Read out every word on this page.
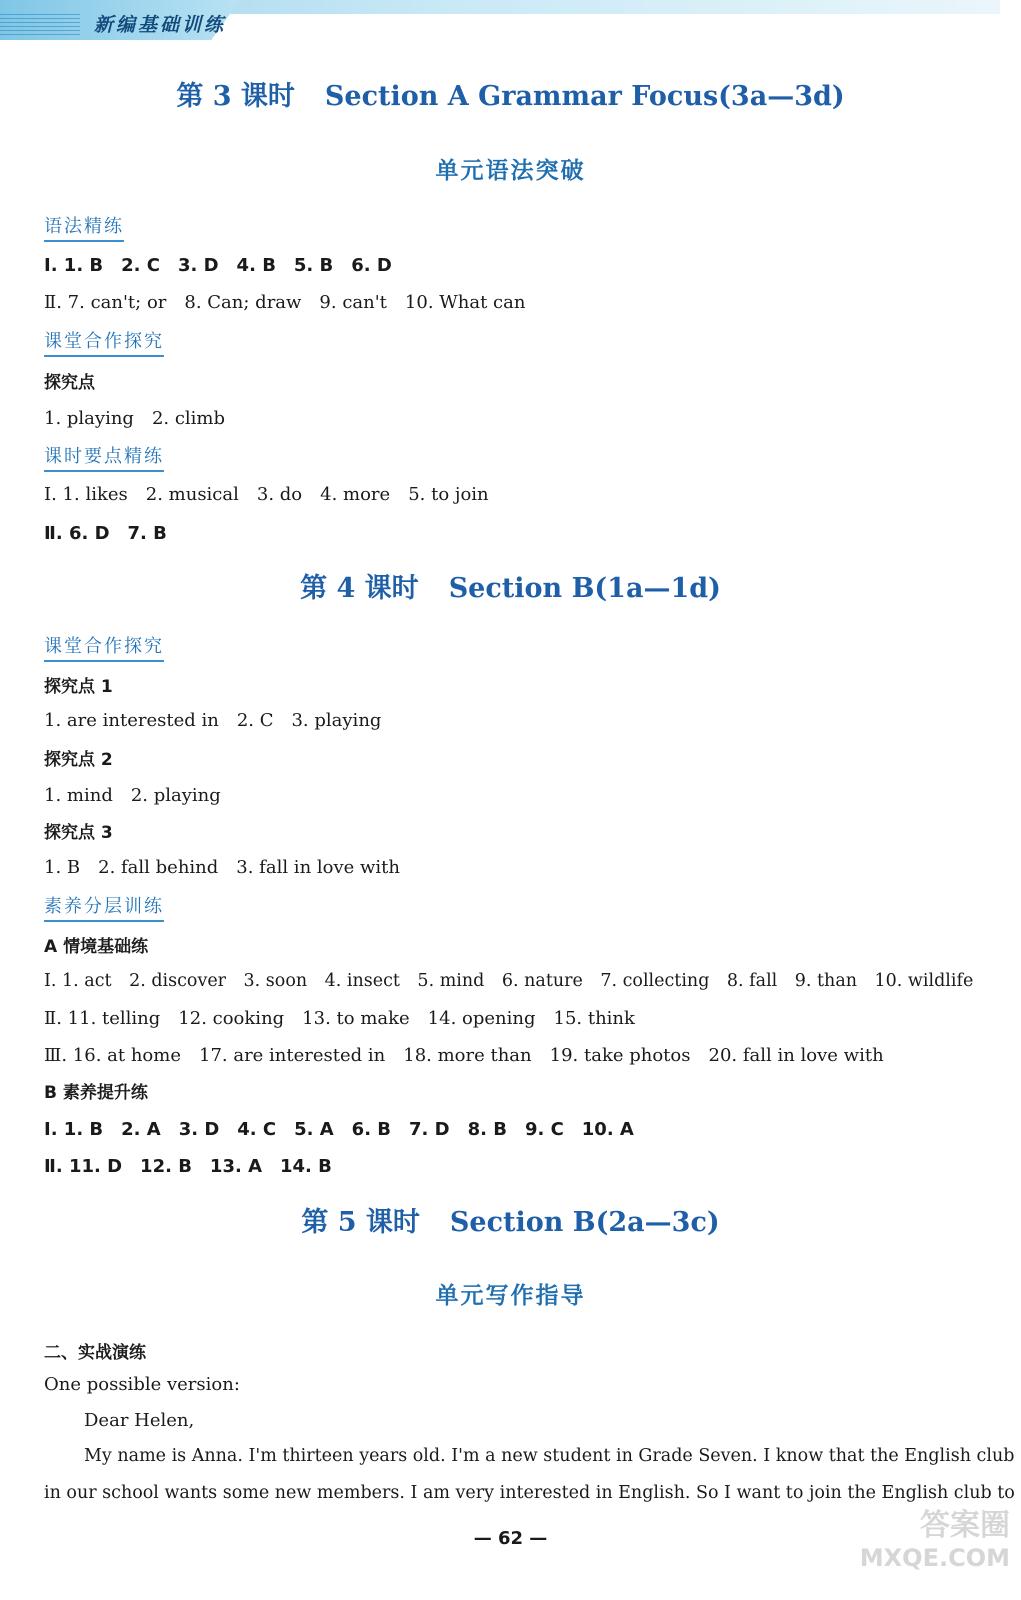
新编基础训练
第 3 课时 Section A Grammar Focus(3a—3d)
单元语法突破
语法精练
Ⅰ. 1. B　2. C　3. D　4. B　5. B　6. D
Ⅱ. 7. can't; or　8. Can; draw　9. can't　10. What can
课堂合作探究
探究点
1. playing　2. climb
课时要点精练
Ⅰ. 1. likes　2. musical　3. do　4. more　5. to join
Ⅱ. 6. D　7. B
第 4 课时 Section B(1a—1d)
课堂合作探究
探究点 1
1. are interested in　2. C　3. playing
探究点 2
1. mind　2. playing
探究点 3
1. B　2. fall behind　3. fall in love with
素养分层训练
A 情境基础练
Ⅰ. 1. act　2. discover　3. soon　4. insect　5. mind　6. nature　7. collecting　8. fall　9. than　10. wildlife
Ⅱ. 11. telling　12. cooking　13. to make　14. opening　15. think
Ⅲ. 16. at home　17. are interested in　18. more than　19. take photos　20. fall in love with
B 素养提升练
Ⅰ. 1. B　2. A　3. D　4. C　5. A　6. B　7. D　8. B　9. C　10. A
Ⅱ. 11. D　12. B　13. A　14. B
第 5 课时 Section B(2a—3c)
单元写作指导
二、实战演练
One possible version:
Dear Helen,
My name is Anna. I'm thirteen years old. I'm a new student in Grade Seven. I know that the English club
in our school wants some new members. I am very interested in English. So I want to join the English club to
— 62 —	答案圈
MXQE.COM
